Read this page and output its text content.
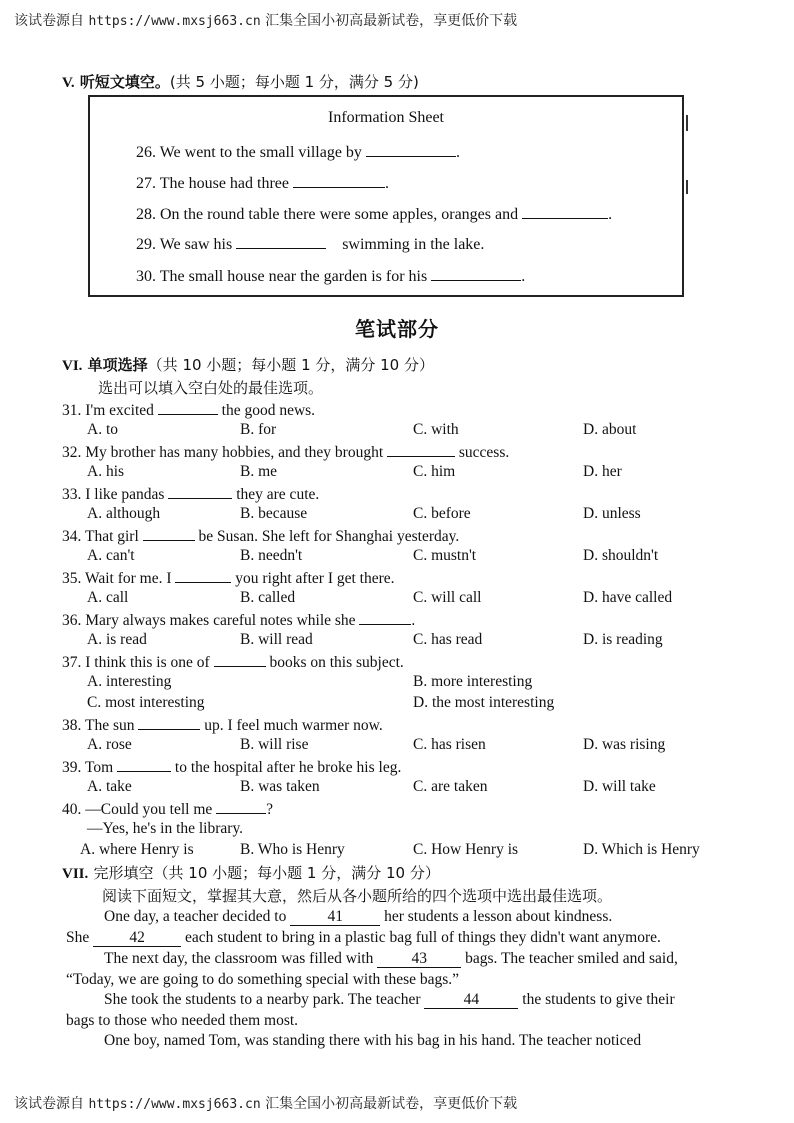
该试卷源自 https://www.mxsj663.cn 汇集全国小初高最新试卷，享更低价下载
V. 听短文填空。(共 5 小题；每小题 1 分，满分 5 分)
Information Sheet
26. We went to the small village by	.
27. The house had three	.
28. On the round table there were some apples, oranges and	.
29. We saw his	swimming in the lake.
30. The small house near the garden is for his	.
笔试部分
VI. 单项选择（共 10 小题；每小题 1 分，满分 10 分）
选出可以填入空白处的最佳选项。
31. I'm excited	the good news.
A. to	B. for	C. with	D. about
32. My brother has many hobbies, and they brought	success.
A. his	B. me	C. him	D. her
33. I like pandas	they are cute.
A. although	B. because	C. before	D. unless
34. That girl	be Susan. She left for Shanghai yesterday.
A. can't	B. needn't	C. mustn't	D. shouldn't
35. Wait for me. I	you right after I get there.
A. call	B. called	C. will call	D. have called
36. Mary always makes careful notes while she	.
A. is read	B. will read	C. has read	D. is reading
37. I think this is one of	books on this subject.
A. interesting	B. more interesting
C. most interesting	D. the most interesting
38. The sun	up. I feel much warmer now.
A. rose	B. will rise	C. has risen	D. was rising
39. Tom	to the hospital after he broke his leg.
A. take	B. was taken	C. are taken	D. will take
40. —Could you tell me	?
—Yes, he's in the library.
A. where Henry is	B. Who is Henry	C. How Henry is	D. Which is Henry
VII. 完形填空（共 10 小题；每小题 1 分，满分 10 分）
阅读下面短文，掌握其大意，然后从各小题所给的四个选项中选出最佳选项。
One day, a teacher decided to 41 her students a lesson about kindness.
She 42 each student to bring in a plastic bag full of things they didn't want anymore.
The next day, the classroom was filled with 43 bags. The teacher smiled and said,
“Today, we are going to do something special with these bags.”
She took the students to a nearby park. The teacher	44	the students to give their
bags to those who needed them most.
One boy, named Tom, was standing there with his bag in his hand. The teacher noticed
该试卷源自 https://www.mxsj663.cn 汇集全国小初高最新试卷，享更低价下载
